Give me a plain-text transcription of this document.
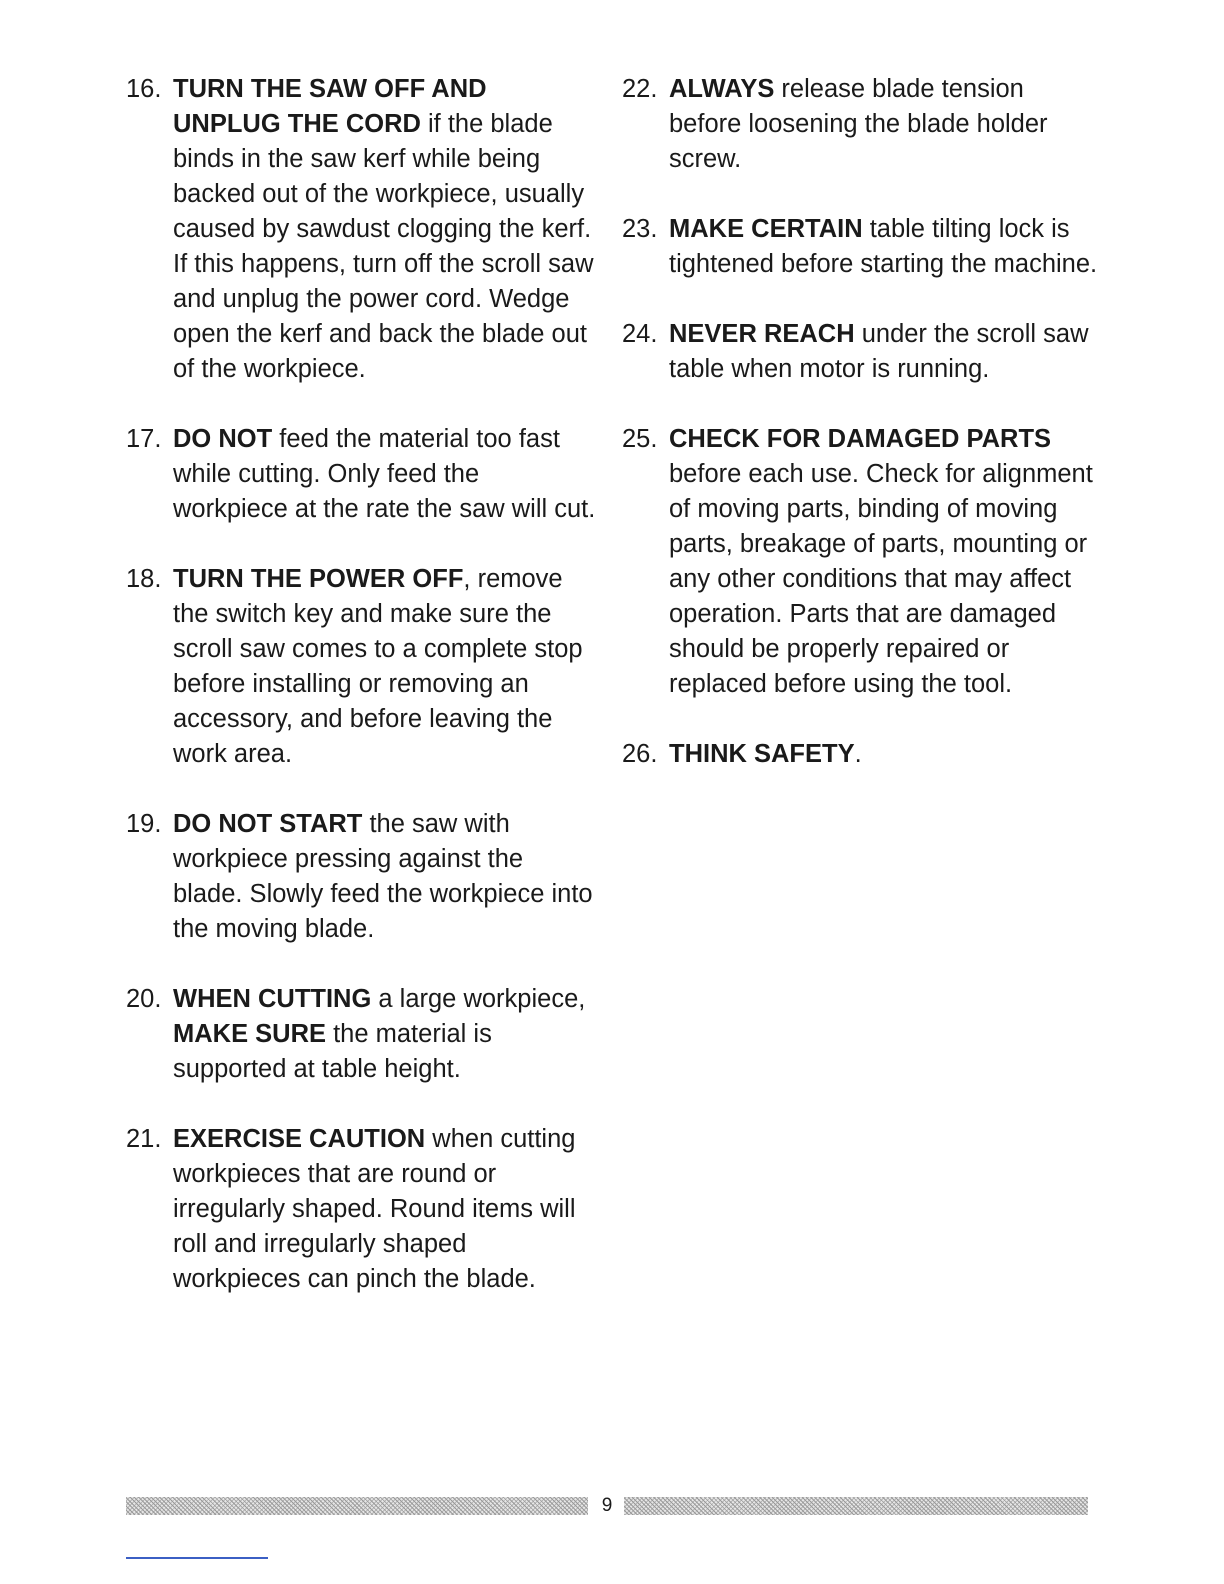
16. TURN THE SAW OFF AND UNPLUG THE CORD if the blade binds in the saw kerf while being backed out of the workpiece, usually caused by sawdust clogging the kerf. If this happens, turn off the scroll saw and unplug the power cord. Wedge open the kerf and back the blade out of the workpiece.
17. DO NOT feed the material too fast while cutting. Only feed the workpiece at the rate the saw will cut.
18. TURN THE POWER OFF, remove the switch key and make sure the scroll saw comes to a complete stop before installing or removing an accessory, and before leaving the work area.
19. DO NOT START the saw with workpiece pressing against the blade. Slowly feed the workpiece into the moving blade.
20. WHEN CUTTING a large workpiece, MAKE SURE the material is supported at table height.
21. EXERCISE CAUTION when cutting workpieces that are round or irregularly shaped. Round items will roll and irregularly shaped workpieces can pinch the blade.
22. ALWAYS release blade tension before loosening the blade holder screw.
23. MAKE CERTAIN table tilting lock is tightened before starting the machine.
24. NEVER REACH under the scroll saw table when motor is running.
25. CHECK FOR DAMAGED PARTS before each use. Check for alignment of moving parts, binding of moving parts, breakage of parts, mounting or any other conditions that may affect operation. Parts that are damaged should be properly repaired or replaced before using the tool.
26. THINK SAFETY.
9
